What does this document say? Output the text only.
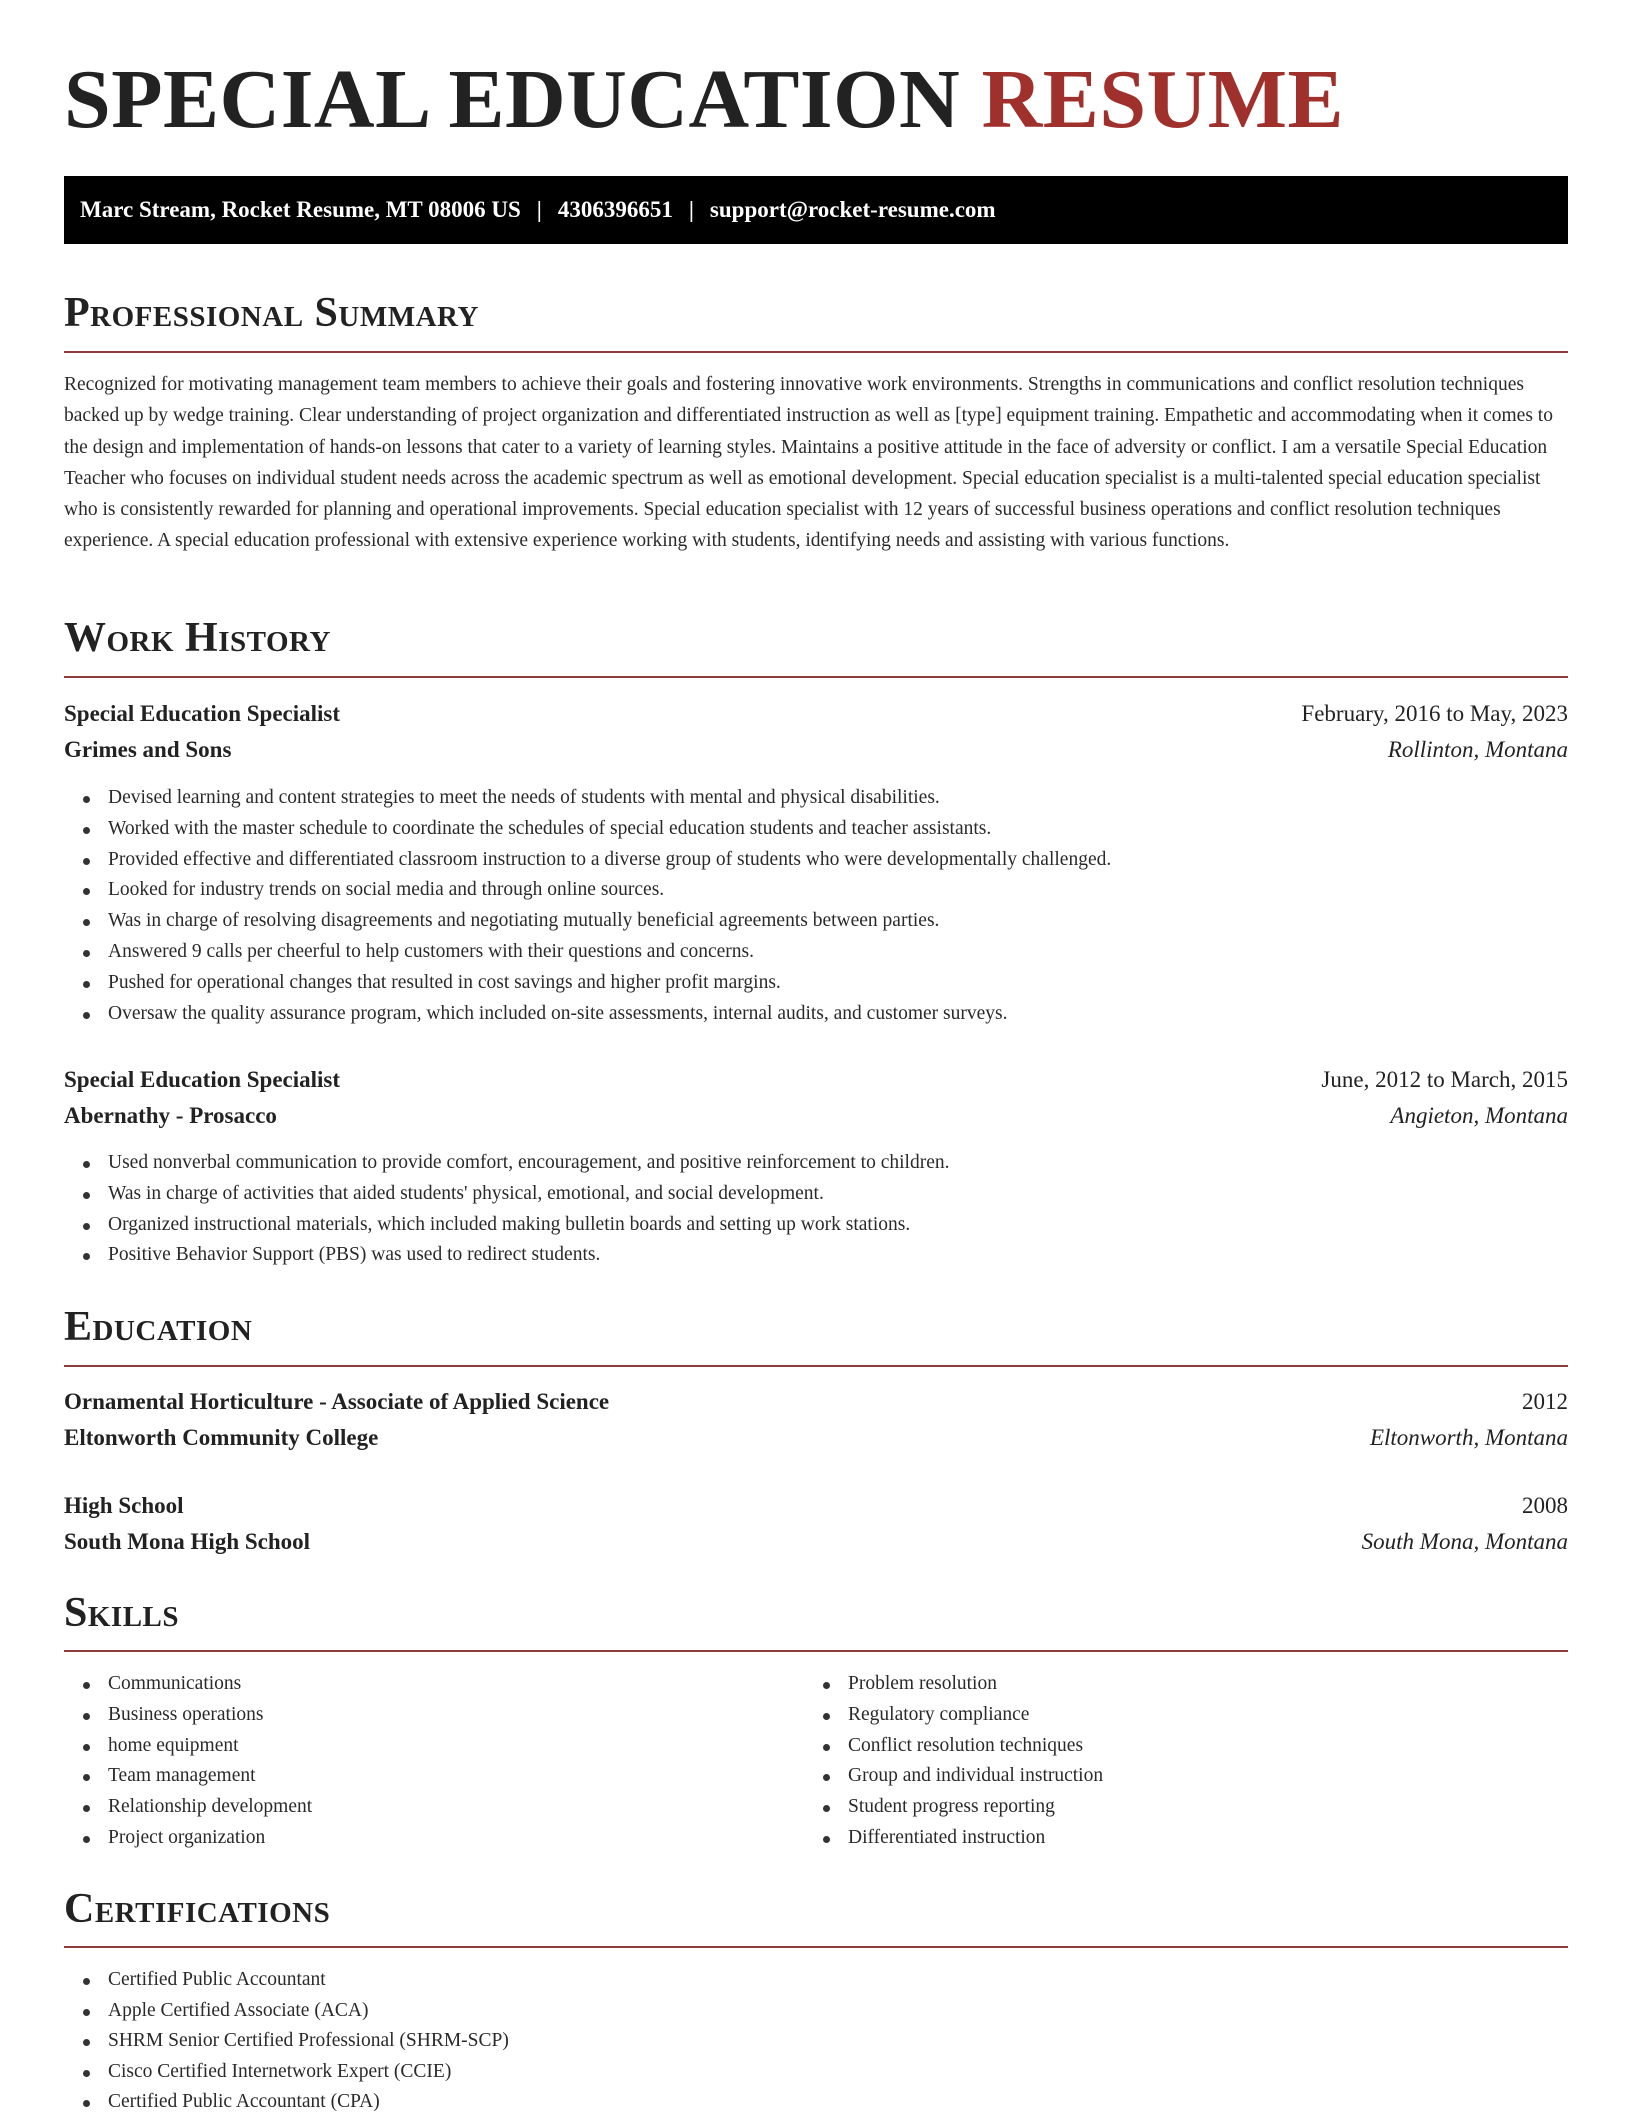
SPECIAL EDUCATION RESUME
Marc Stream, Rocket Resume, MT 08006 US | 4306396651 | support@rocket-resume.com
Professional Summary

Recognized for motivating management team members to achieve their goals and fostering innovative work environments. Strengths in communications and conflict resolution techniques backed up by wedge training. Clear understanding of project organization and differentiated instruction as well as [type] equipment training. Empathetic and accommodating when it comes to the design and implementation of hands-on lessons that cater to a variety of learning styles. Maintains a positive attitude in the face of adversity or conflict. I am a versatile Special Education Teacher who focuses on individual student needs across the academic spectrum as well as emotional development. Special education specialist is a multi-talented special education specialist who is consistently rewarded for planning and operational improvements. Special education specialist with 12 years of successful business operations and conflict resolution techniques experience. A special education professional with extensive experience working with students, identifying needs and assisting with various functions.

Work History
Special Education Specialist	February, 2016 to May, 2023
Grimes and Sons	Rollinton, Montana
Devised learning and content strategies to meet the needs of students with mental and physical disabilities.
Worked with the master schedule to coordinate the schedules of special education students and teacher assistants.
Provided effective and differentiated classroom instruction to a diverse group of students who were developmentally challenged.
Looked for industry trends on social media and through online sources.
Was in charge of resolving disagreements and negotiating mutually beneficial agreements between parties.
Answered 9 calls per cheerful to help customers with their questions and concerns.
Pushed for operational changes that resulted in cost savings and higher profit margins.
Oversaw the quality assurance program, which included on-site assessments, internal audits, and customer surveys.
Special Education Specialist	June, 2012 to March, 2015
Abernathy - Prosacco	Angieton, Montana
Used nonverbal communication to provide comfort, encouragement, and positive reinforcement to children.
Was in charge of activities that aided students' physical, emotional, and social development.
Organized instructional materials, which included making bulletin boards and setting up work stations.
Positive Behavior Support (PBS) was used to redirect students.
Education
Ornamental Horticulture - Associate of Applied Science	2012
Eltonworth Community College	Eltonworth, Montana
High School	2008
South Mona High School	South Mona, Montana
Skills
Communications
Business operations
home equipment
Team management
Relationship development
Project organization
Problem resolution
Regulatory compliance
Conflict resolution techniques
Group and individual instruction
Student progress reporting
Differentiated instruction
Certifications
Certified Public Accountant
Apple Certified Associate (ACA)
SHRM Senior Certified Professional (SHRM-SCP)
Cisco Certified Internetwork Expert (CCIE)
Certified Public Accountant (CPA)
